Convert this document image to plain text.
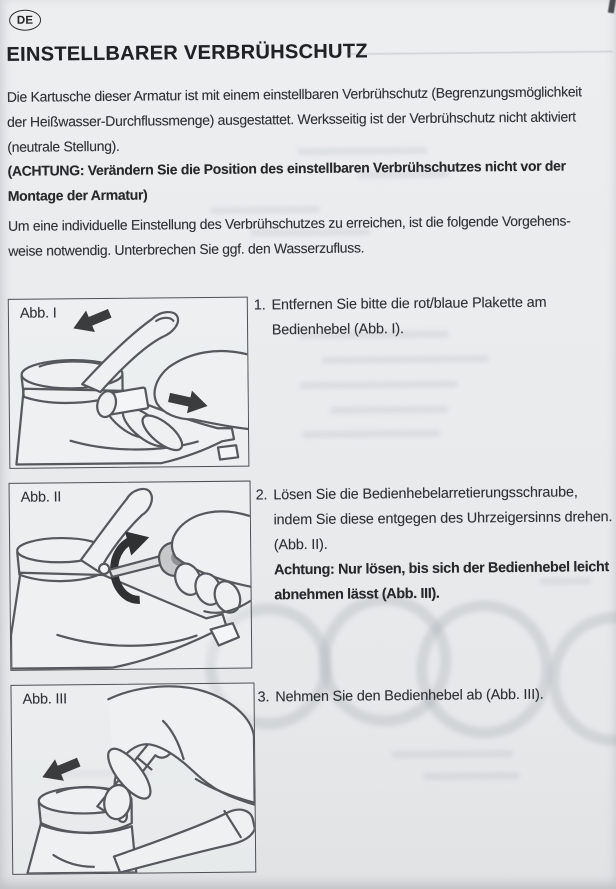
DE
EINSTELLBARER VERBRÜHSCHUTZ
Die Kartusche dieser Armatur ist mit einem einstellbaren Verbrühschutz (Begrenzungsmöglichkeit
der Heißwasser-Durchflussmenge) ausgestattet. Werksseitig ist der Verbrühschutz nicht aktiviert
(neutrale Stellung).
(ACHTUNG: Verändern Sie die Position des einstellbaren Verbrühschutzes nicht vor der
Montage der Armatur)
Um eine individuelle Einstellung des Verbrühschutzes zu erreichen, ist die folgende Vorgehens-
weise notwendig. Unterbrechen Sie ggf. den Wasserzufluss.
Abb. I	1. Entfernen Sie bitte die rot/blaue Plakette am
Bedienhebel (Abb. I).
Abb. II	2. Lösen Sie die Bedienhebelarretierungsschraube,
indem Sie diese entgegen des Uhrzeigersinns drehen.
(Abb. II).
Achtung: Nur lösen, bis sich der Bedienhebel leicht
abnehmen lässt (Abb. III).
Abb. III	3. Nehmen Sie den Bedienhebel ab (Abb. III).
